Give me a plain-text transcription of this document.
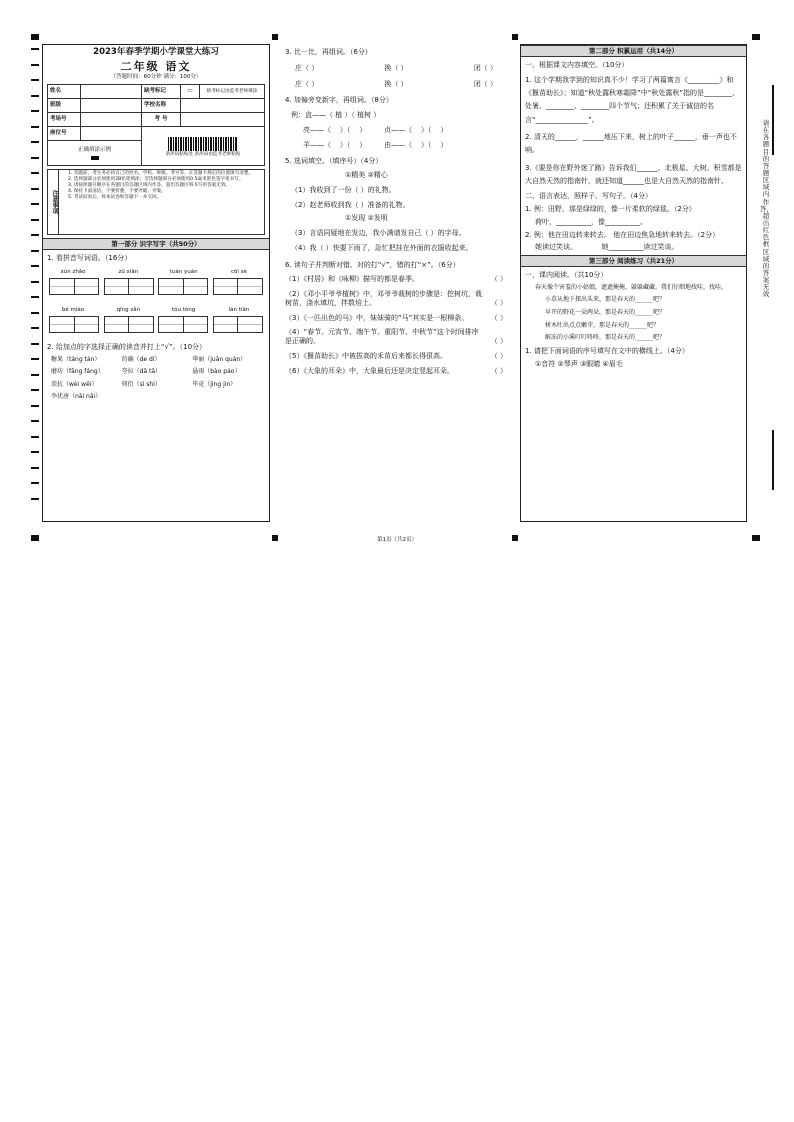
2023年春季学期小学课堂大练习
二年级 语文
（答题时间：60分钟 满分：100分）
姓名		缺考标记	▭	缺考标记由监考老师填涂
班级		学校名称		
考场号		考 号		
座位号		条形码粘贴处 条形码由监考老师粘贴		

正确填涂示例				
注意事项
1. 答题前，考生务必将自己的姓名、学校、班级、考号等，在答题卡规定的位置填写清楚。
2. 选择题部分必须使用2B铅笔填涂；非选择题部分必须使用0.5毫米黑色签字笔书写。
3. 请按照题号顺序在各题目的答题区域内作答，超出答题区域书写的答案无效。
4. 保持卡面清洁，不要折叠，不要弄破、弄皱。
5. 考试结束后，将本试卷和答题卡一并交回。
第一部分 识字写字（共50分）
1. 看拼音写词语。（16分）
xún zhǎo	zǔ xiān	tuán yuán	cōi sè
bé miào	qīng zǎn	tóu tòng	lán tiān
2. 给加点的字选择正确的读音并打上“√”。（10分）
糖果（táng tán）	的确（de dí）	华丽（juān quán）
磨坊（fāng fáng）	夸拉（dā tā）	悬雨（bào páo）
羡抗（wèi wēi）	伺衍（sì shì）	毕竟（jìng jìn）
李优唐（nǎi nǎi）
3. 比一比，再组词。（6分）
庄（ ）	换（ ）	闭（ ）
庄（ ）	换（ ）	闭（ ）
4. 加偏旁变新字，再组词。（8分）
例：直——（ 植 ）（ 植树 ）
亮——（    ）（    ）        贞——（    ）（    ）
羊——（    ）（    ）        由——（    ）（    ）
5. 选词填空。（填序号）（4分）
①精美 ②精心
（1）我收到了一份（ ）的礼物。
（2）赵老师收到我（ ）准备的礼物。
①发现 ②发明
（3）言语同疑地在发边，我小满谱发自己（ ）的字母。
（4）我（ ）快要下雨了，急忙把挂在外面的衣服收起来。
6. 读句子并判断对错，对的打“√”，错的打“×”。（6分）
（1）《村居》和《咏柳》描写的都是春季。	（ ）
（2）《邓小平爷爷植树》中，邓爷爷栽树的步骤是：挖树坑，栽树苗，浇水填坑，拌数培土。	（ ）
（3）《一匹出色的马》中，妹妹骑的“马”其实是一根柳条。	（ ）
（4）“春节、元宵节、端午节、重阳节、中秋节”这个时间排序是正确的。	（ ）
（5）《揠苗助长》中被拔高的禾苗后来都长得很高。	（ ）
（6）《大象的耳朵》中，大象最后还是决定竖起耳朵。	（ ）
第二部分 积累运用（共14分）
一、根据课文内容填空。（10分）
1. 这个学期我学到的知识真不少！学习了两篇寓言《_________》和《揠苗助长》；知道“秋处露秋寒霜降”中“秋处露秋”指的是________、处暑、________、________四个节气；还积累了关于诚信的名言“_______________”。
2. 清天的______，______地压下来，树上的叶子______，垂一声也不响。
3.《要是你在野外迷了路》告诉我们______、北极星、大树、积雪都是大自然天然的指南针，就还知道______也是大自然天然的指南针。
二、语言表达，照样子，写句子。（4分）
1. 例：田野，那是绿绿的，像一片柔软的绿毯。（2分）
荷叶，__________，像__________。
2. 例：他在田边转来转去。 他在田边焦急地转来转去。（2分）
她读过笑谈。           她__________读过笑谈。
第三部分 阅读练习（共21分）
一、课内阅读。（共10分）
春天像个害羞的小姑娘，遮遮掩掩，躲躲藏藏。我们仔细地找哇，找哇。
小草从地下探出头来，那是春天的______吧？
早开的野花一朵两朵，那是春天的______吧？
树木吐出点点嫩芽，那是春天的______吧？
解冻的小溪叮叮咚咚，那是春天的______吧？
1. 请把下面词语的序号填写在文中的横线上。（4分）
①音符 ②琴声 ③眼睛 ④眉毛
请在各题目的答题区域内作答，超出红色框区域的答案无效
第1页（共2页）
